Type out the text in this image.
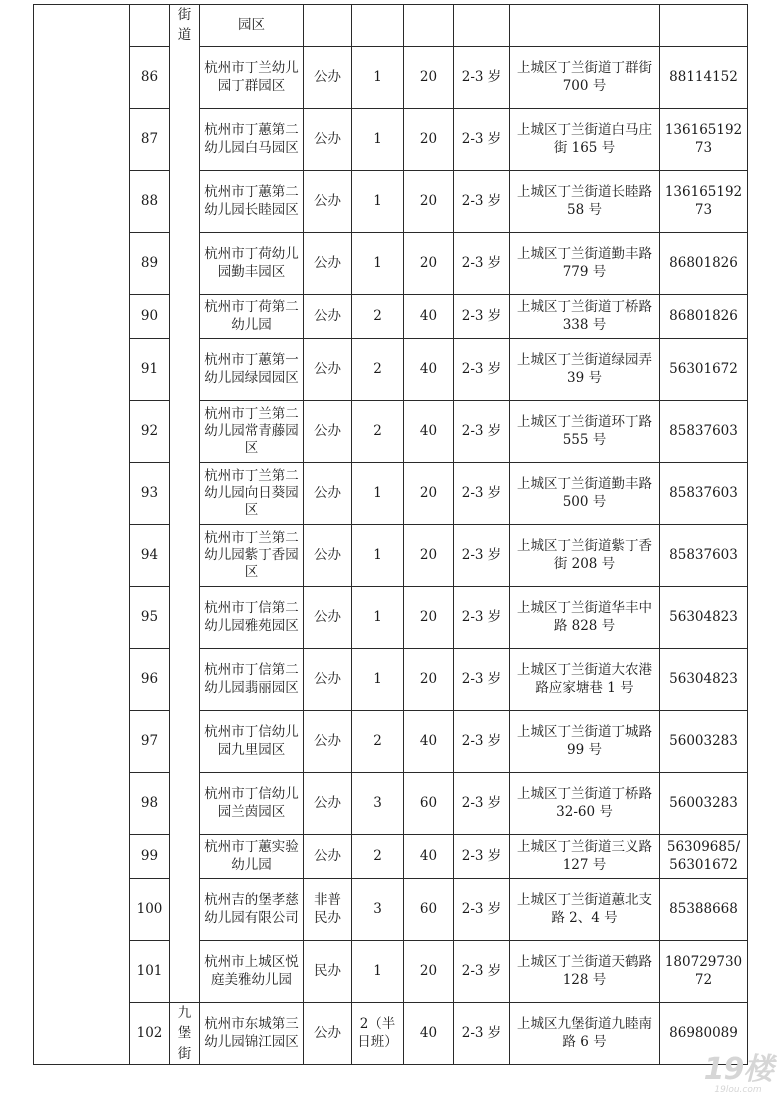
		街道	园区						
	86		杭州市丁兰幼儿园丁群园区	公办	1	20	2-3 岁	上城区丁兰街道丁群街 700 号	88114152
	87		杭州市丁蕙第二幼儿园白马园区	公办	1	20	2-3 岁	上城区丁兰街道白马庄街 165 号	13616519273
	88		杭州市丁蕙第二幼儿园长睦园区	公办	1	20	2-3 岁	上城区丁兰街道长睦路 58 号	13616519273
	89		杭州市丁荷幼儿园勤丰园区	公办	1	20	2-3 岁	上城区丁兰街道勤丰路 779 号	86801826
	90		杭州市丁荷第二幼儿园	公办	2	40	2-3 岁	上城区丁兰街道丁桥路 338 号	86801826
	91		杭州市丁蕙第一幼儿园绿园园区	公办	2	40	2-3 岁	上城区丁兰街道绿园弄 39 号	56301672
	92		杭州市丁兰第二幼儿园常青藤园区	公办	2	40	2-3 岁	上城区丁兰街道环丁路 555 号	85837603
	93		杭州市丁兰第二幼儿园向日葵园区	公办	1	20	2-3 岁	上城区丁兰街道勤丰路 500 号	85837603
	94		杭州市丁兰第二幼儿园紫丁香园区	公办	1	20	2-3 岁	上城区丁兰街道紫丁香街 208 号	85837603
	95		杭州市丁信第二幼儿园雅苑园区	公办	1	20	2-3 岁	上城区丁兰街道华丰中路 828 号	56304823
	96		杭州市丁信第二幼儿园翡丽园区	公办	1	20	2-3 岁	上城区丁兰街道大农港路应家塘巷 1 号	56304823
	97		杭州市丁信幼儿园九里园区	公办	2	40	2-3 岁	上城区丁兰街道丁城路 99 号	56003283
	98		杭州市丁信幼儿园兰茵园区	公办	3	60	2-3 岁	上城区丁兰街道丁桥路 32-60 号	56003283
	99		杭州市丁蕙实验幼儿园	公办	2	40	2-3 岁	上城区丁兰街道三义路 127 号	56309685/56301672
	100		杭州吉的堡孝慈幼儿园有限公司	非普民办	3	60	2-3 岁	上城区丁兰街道蕙北支路 2、4 号	85388668
	101		杭州市上城区悦庭美雅幼儿园	民办	1	20	2-3 岁	上城区丁兰街道天鹤路 128 号	18072973072
	102	九堡街	杭州市东城第三幼儿园锦江园区	公办	2（半日班）	40	2-3 岁	上城区九堡街道九睦南路 6 号	86980089
19楼
19lou.com
